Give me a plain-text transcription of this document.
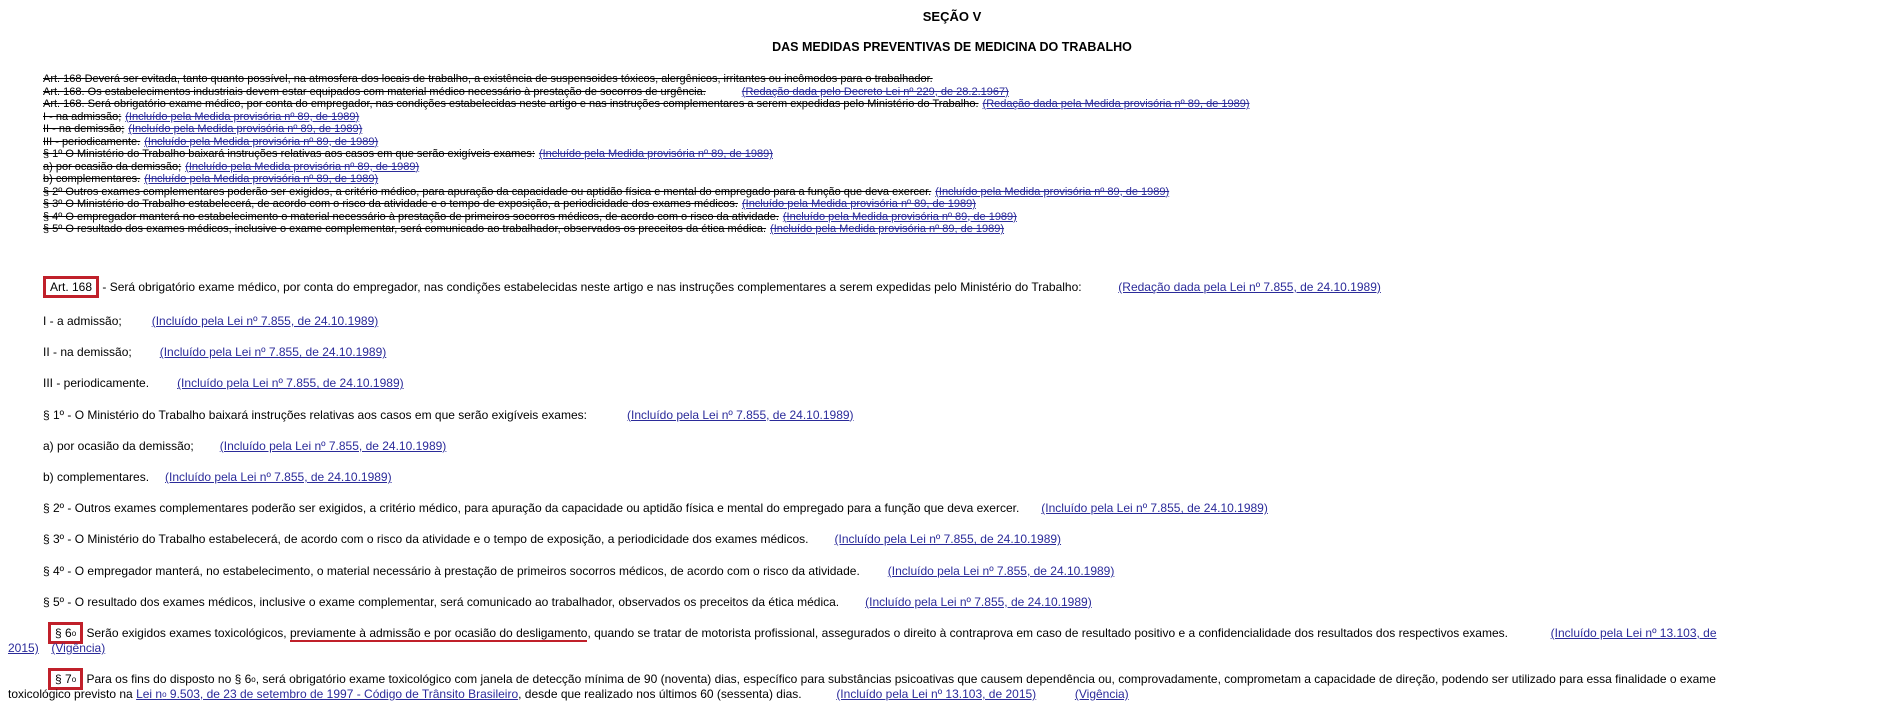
SEÇÃO V
DAS MEDIDAS PREVENTIVAS DE MEDICINA DO TRABALHO
Art. 168 Deverá ser evitada, tanto quanto possível, na atmosfera dos locais de trabalho, a existência de suspensoides tóxicos, alergênicos, irritantes ou incômodos para o trabalhador.
Art. 168. Os estabelecimentos industriais devem estar equipados com material médico necessário à prestação de socorros de urgência.	(Redação dada pelo Decreto Lei nº 229, de 28.2.1967)
Art. 168. Será obrigatório exame médico, por conta do empregador, nas condições estabelecidas neste artigo e nas instruções complementares a serem expedidas pelo Ministério do Trabalho. (Redação dada pela Medida provisória nº 89, de 1989)
I - na admissão; (Incluído pela Medida provisória nº 89, de 1989)
II - na demissão; (Incluído pela Medida provisória nº 89, de 1989)
III - periodicamente. (Incluído pela Medida provisória nº 89, de 1989)
§ 1º O Ministério do Trabalho baixará instruções relativas aos casos em que serão exigíveis exames: (Incluído pela Medida provisória nº 89, de 1989)
a) por ocasião da demissão; (Incluído pela Medida provisória nº 89, de 1989)
b) complementares. (Incluído pela Medida provisória nº 89, de 1989)
§ 2º Outros exames complementares poderão ser exigidos, a critério médico, para apuração da capacidade ou aptidão física e mental do empregado para a função que deva exercer. (Incluído pela Medida provisória nº 89, de 1989)
§ 3º O Ministério do Trabalho estabelecerá, de acordo com o risco da atividade e o tempo de exposição, a periodicidade dos exames médicos. (Incluído pela Medida provisória nº 89, de 1989)
§ 4º O empregador manterá no estabelecimento o material necessário à prestação de primeiros socorros médicos, de acordo com o risco da atividade. (Incluído pela Medida provisória nº 89, de 1989)
§ 5º O resultado dos exames médicos, inclusive o exame complementar, será comunicado ao trabalhador, observados os preceitos da ética médica. (Incluído pela Medida provisória nº 89, de 1989)
Art. 168 - Será obrigatório exame médico, por conta do empregador, nas condições estabelecidas neste artigo e nas instruções complementares a serem expedidas pelo Ministério do Trabalho:	(Redação dada pela Lei nº 7.855, de 24.10.1989)
I - a admissão;	(Incluído pela Lei nº 7.855, de 24.10.1989)
II - na demissão; (Incluído pela Lei nº 7.855, de 24.10.1989)
III - periodicamente. (Incluído pela Lei nº 7.855, de 24.10.1989)
§ 1º - O Ministério do Trabalho baixará instruções relativas aos casos em que serão exigíveis exames:	(Incluído pela Lei nº 7.855, de 24.10.1989)
a) por ocasião da demissão; (Incluído pela Lei nº 7.855, de 24.10.1989)
b) complementares. (Incluído pela Lei nº 7.855, de 24.10.1989)
§ 2º - Outros exames complementares poderão ser exigidos, a critério médico, para apuração da capacidade ou aptidão física e mental do empregado para a função que deva exercer. (Incluído pela Lei nº 7.855, de 24.10.1989)
§ 3º - O Ministério do Trabalho estabelecerá, de acordo com o risco da atividade e o tempo de exposição, a periodicidade dos exames médicos. (Incluído pela Lei nº 7.855, de 24.10.1989)
§ 4º - O empregador manterá, no estabelecimento, o material necessário à prestação de primeiros socorros médicos, de acordo com o risco da atividade. (Incluído pela Lei nº 7.855, de 24.10.1989)
§ 5º - O resultado dos exames médicos, inclusive o exame complementar, será comunicado ao trabalhador, observados os preceitos da ética médica. (Incluído pela Lei nº 7.855, de 24.10.1989)
§ 6$^o$ Serão exigidos exames toxicológicos, previamente à admissão e por ocasião do desligamento, quando se tratar de motorista profissional, assegurados o direito à contraprova em caso de resultado positivo e a confidencialidade dos resultados dos respectivos exames.	(Incluído pela Lei nº 13.103, de
2015) (Vigência)
§ 7$^o$ Para os fins do disposto no § 6$^o$, será obrigatório exame toxicológico com janela de detecção mínima de 90 (noventa) dias, específico para substâncias psicoativas que causem dependência ou, comprovadamente, comprometam a capacidade de direção, podendo ser utilizado para essa finalidade o exame
toxicológico previsto na Lei $n^o$ 9.503, de 23 de setembro de 1997 - Código de Trânsito Brasileiro, desde que realizado nos últimos 60 (sessenta) dias.	(Incluído pela Lei nº 13.103, de 2015)	(Vigência)
